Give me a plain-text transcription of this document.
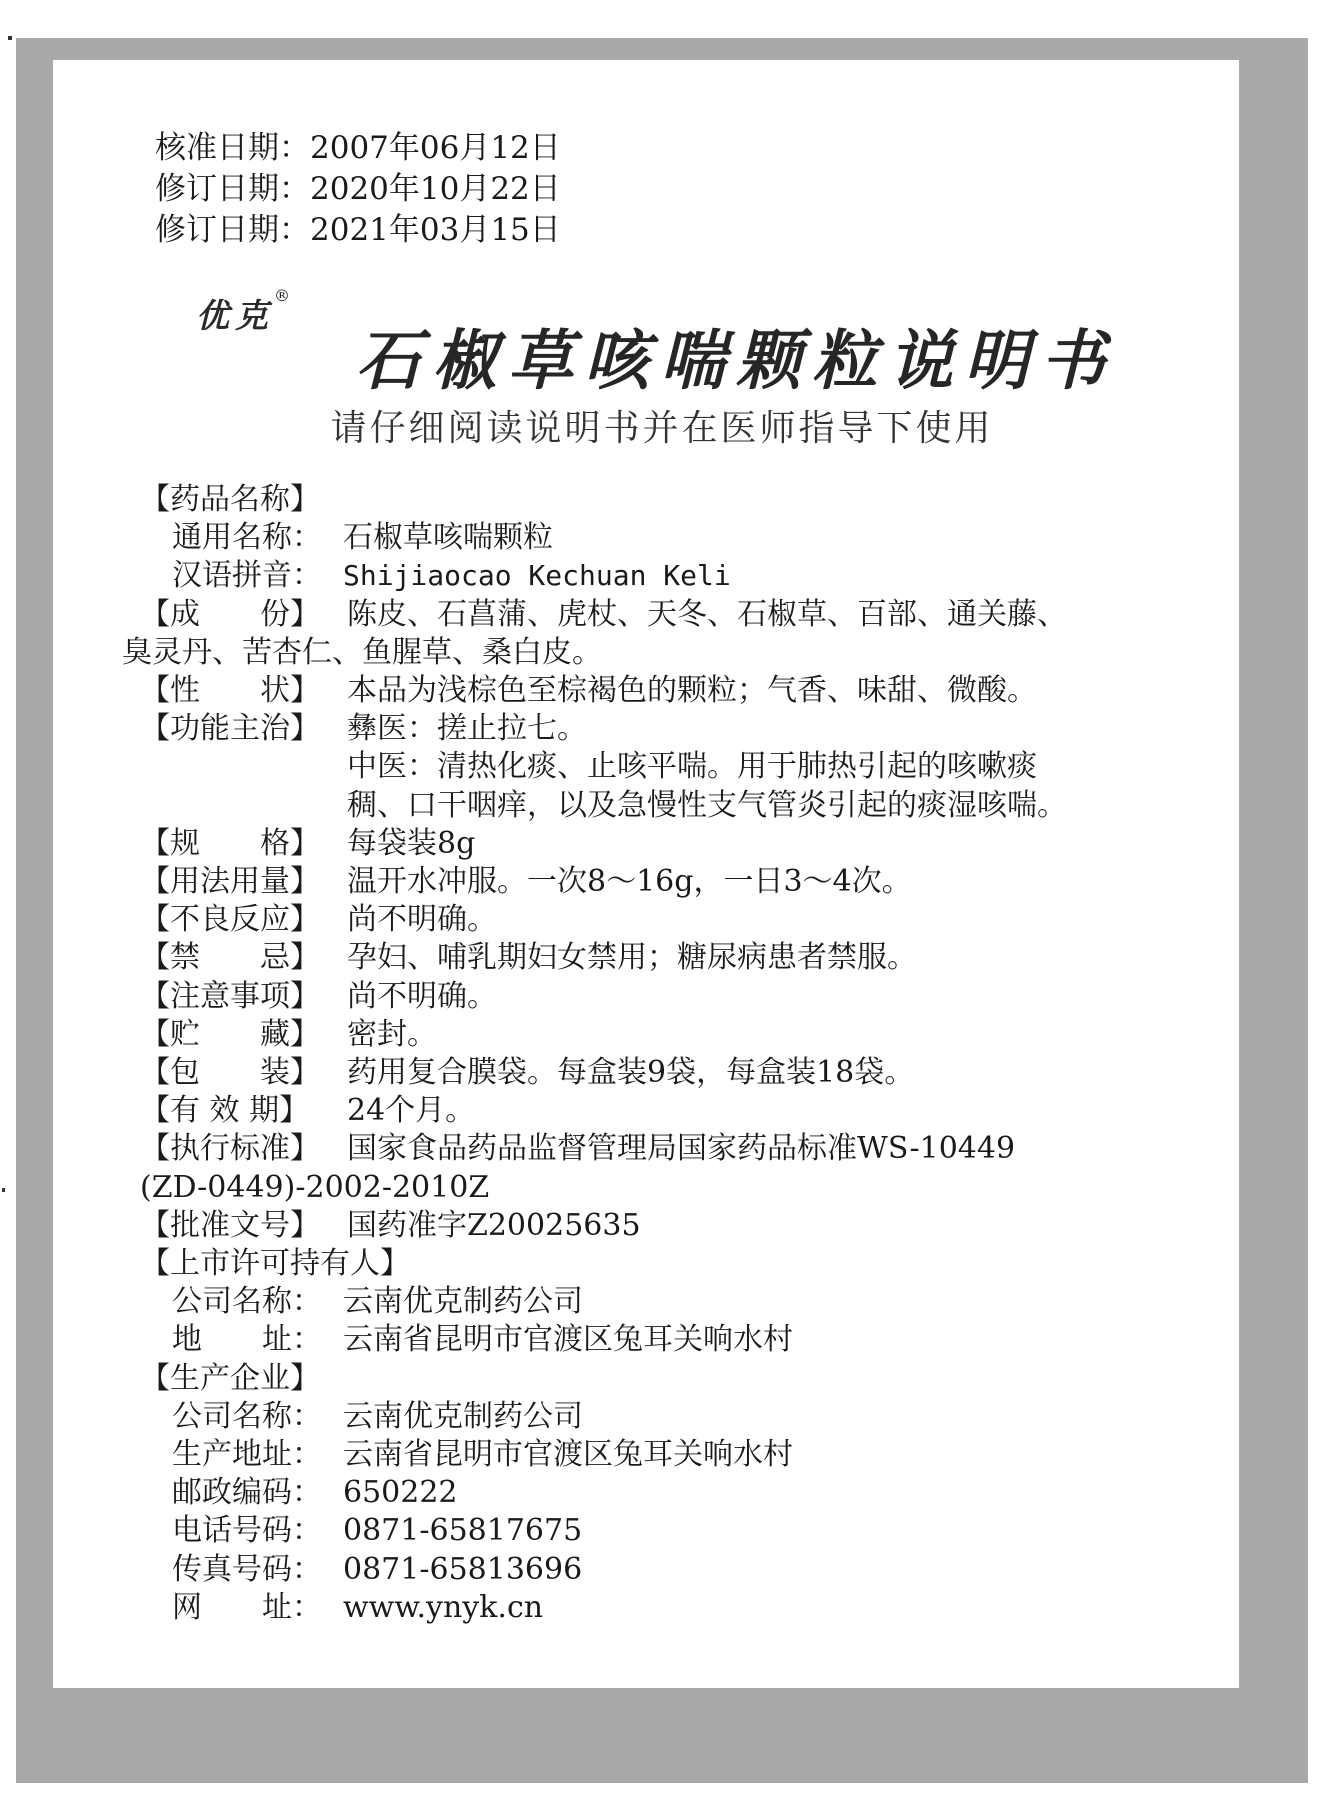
核准日期：2007年06月12日
修订日期：2020年10月22日
修订日期：2021年03月15日
优克®
石椒草咳喘颗粒说明书
请仔细阅读说明书并在医师指导下使用
【药品名称】
通用名称： 石椒草咳喘颗粒
汉语拼音： Shijiaocao Kechuan Keli
【成　　份】 陈皮、石菖蒲、虎杖、天冬、石椒草、百部、通关藤、
臭灵丹、苦杏仁、鱼腥草、桑白皮。
【性　　状】 本品为浅棕色至棕褐色的颗粒；气香、味甜、微酸。
【功能主治】 彝医：搓止拉七。
中医：清热化痰、止咳平喘。用于肺热引起的咳嗽痰
稠、口干咽痒，以及急慢性支气管炎引起的痰湿咳喘。
【规　　格】 每袋装8g
【用法用量】 温开水冲服。一次8～16g，一日3～4次。
【不良反应】 尚不明确。
【禁　　忌】 孕妇、哺乳期妇女禁用；糖尿病患者禁服。
【注意事项】 尚不明确。
【贮　　藏】 密封。
【包　　装】 药用复合膜袋。每盒装9袋，每盒装18袋。
【有 效 期】 24个月。
【执行标准】 国家食品药品监督管理局国家药品标准WS-10449
(ZD-0449)-2002-2010Z
【批准文号】 国药准字Z20025635
【上市许可持有人】
公司名称： 云南优克制药公司
地　　址： 云南省昆明市官渡区兔耳关响水村
【生产企业】
公司名称： 云南优克制药公司
生产地址： 云南省昆明市官渡区兔耳关响水村
邮政编码： 650222
电话号码： 0871-65817675
传真号码： 0871-65813696
网　　址： www.ynyk.cn
